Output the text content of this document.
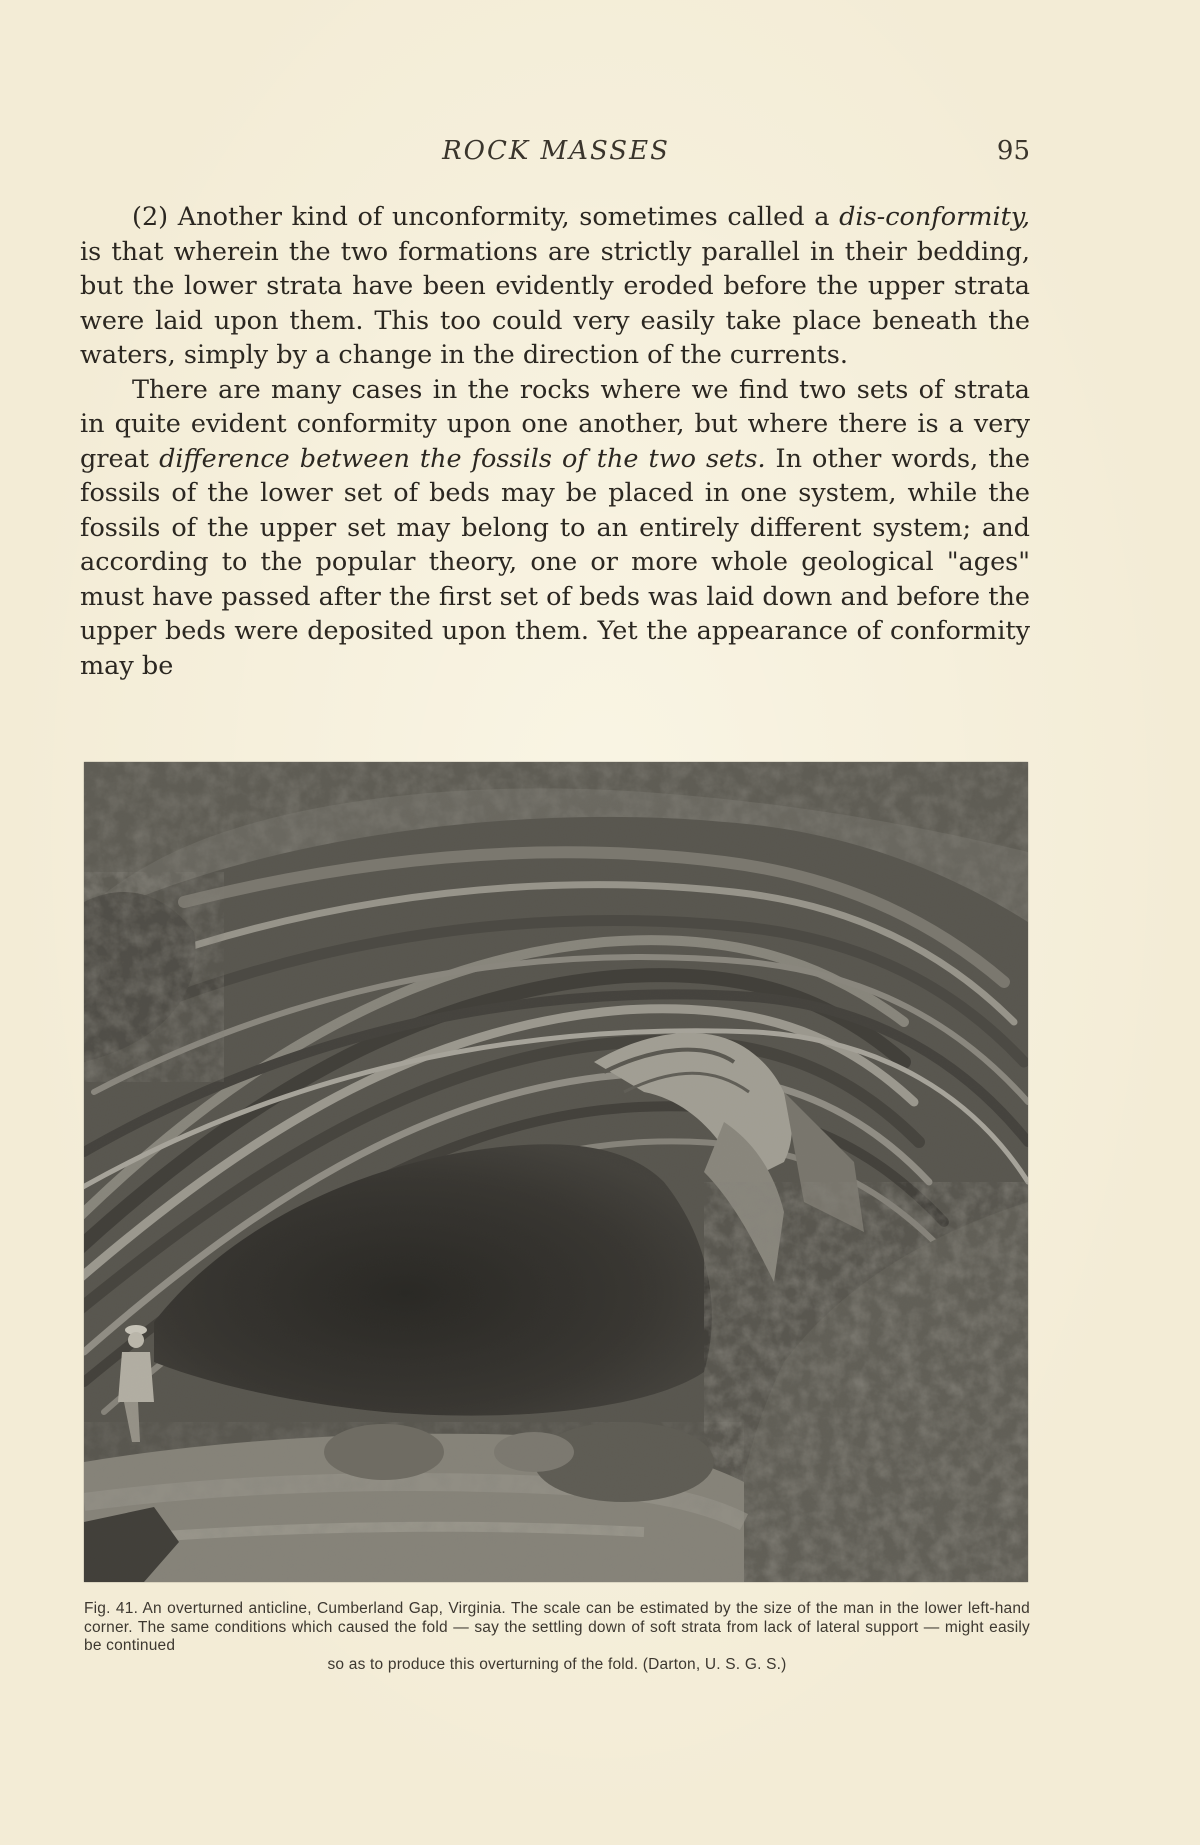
ROCK MASSES	95

(2) Another kind of unconformity, sometimes called a dis-conformity, is that wherein the two formations are strictly parallel in their bedding, but the lower strata have been evidently eroded before the upper strata were laid upon them. This too could very easily take place beneath the waters, simply by a change in the direction of the currents.

There are many cases in the rocks where we find two sets of strata in quite evident conformity upon one another, but where there is a very great difference between the fossils of the two sets. In other words, the fossils of the lower set of beds may be placed in one system, while the fossils of the upper set may belong to an entirely different system; and according to the popular theory, one or more whole geological "ages" must have passed after the first set of beds was laid down and before the upper beds were deposited upon them. Yet the appearance of conformity may be

Fig. 41. An overturned anticline, Cumberland Gap, Virginia. The scale can be estimated by the size of the man in the lower left-hand corner. The same conditions which caused the fold — say the settling down of soft strata from lack of lateral support — might easily be continued
so as to produce this overturning of the fold. (Darton, U. S. G. S.)
